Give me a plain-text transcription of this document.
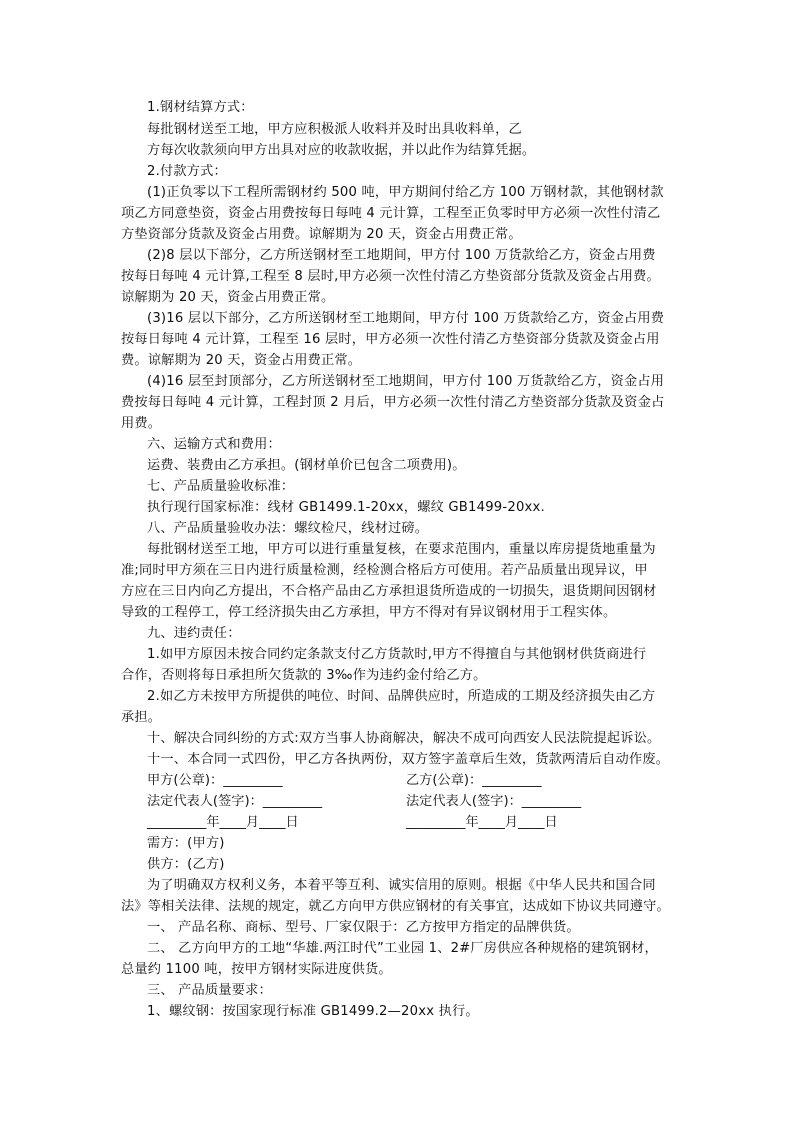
1.钢材结算方式：
每批钢材送至工地，甲方应积极派人收料并及时出具收料单，乙
方每次收款须向甲方出具对应的收款收据，并以此作为结算凭据。
2.付款方式：
(1)正负零以下工程所需钢材约 500 吨，甲方期间付给乙方 100 万钢材款，其他钢材款
项乙方同意垫资，资金占用费按每日每吨 4 元计算，工程至正负零时甲方必须一次性付清乙
方垫资部分货款及资金占用费。谅解期为 20 天，资金占用费正常。
(2)8 层以下部分，乙方所送钢材至工地期间，甲方付 100 万货款给乙方，资金占用费
按每日每吨 4 元计算,工程至 8 层时,甲方必须一次性付清乙方垫资部分货款及资金占用费。
谅解期为 20 天，资金占用费正常。
(3)16 层以下部分，乙方所送钢材至工地期间，甲方付 100 万货款给乙方，资金占用费
按每日每吨 4 元计算，工程至 16 层时，甲方必须一次性付清乙方垫资部分货款及资金占用
费。谅解期为 20 天，资金占用费正常。
(4)16 层至封顶部分，乙方所送钢材至工地期间，甲方付 100 万货款给乙方，资金占用
费按每日每吨 4 元计算，工程封顶 2 月后，甲方必须一次性付清乙方垫资部分货款及资金占
用费。
六、运输方式和费用：
运费、装费由乙方承担。(钢材单价已包含二项费用)。
七、产品质量验收标准：
执行现行国家标准：线材 GB1499.1-20xx，螺纹 GB1499-20xx.
八、产品质量验收办法：螺纹检尺，线材过磅。
每批钢材送至工地，甲方可以进行重量复核，在要求范围内，重量以库房提货地重量为
准;同时甲方须在三日内进行质量检测，经检测合格后方可使用。若产品质量出现异议，甲
方应在三日内向乙方提出，不合格产品由乙方承担退货所造成的一切损失，退货期间因钢材
导致的工程停工，停工经济损失由乙方承担，甲方不得对有异议钢材用于工程实体。
九、违约责任：
1.如甲方原因未按合同约定条款支付乙方货款时,甲方不得擅自与其他钢材供货商进行
合作，否则将每日承担所欠货款的 3‰作为违约金付给乙方。
2.如乙方未按甲方所提供的吨位、时间、品牌供应时，所造成的工期及经济损失由乙方
承担。
十、解决合同纠纷的方式:双方当事人协商解决，解决不成可向西安人民法院提起诉讼。
十一、本合同一式四份，甲乙方各执两份，双方签字盖章后生效，货款两清后自动作废。
甲方(公章)：_________	乙方(公章)：_________
法定代表人(签字)：_________	法定代表人(签字)：_________
_________年____月____日	_________年____月____日
需方：(甲方)
供方：(乙方)
为了明确双方权利义务，本着平等互利、诚实信用的原则。根据《中华人民共和国合同
法》等相关法律、法规的规定，就乙方向甲方供应钢材的有关事宜，达成如下协议共同遵守。
一、 产品名称、商标、型号、厂家仅限于：乙方按甲方指定的品牌供货。
二、 乙方向甲方的工地“华雄.两江时代”工业园 1、2#厂房供应各种规格的建筑钢材，
总量约 1100 吨，按甲方钢材实际进度供货。
三、 产品质量要求：
1、螺纹钢：按国家现行标准 GB1499.2—20xx 执行。
